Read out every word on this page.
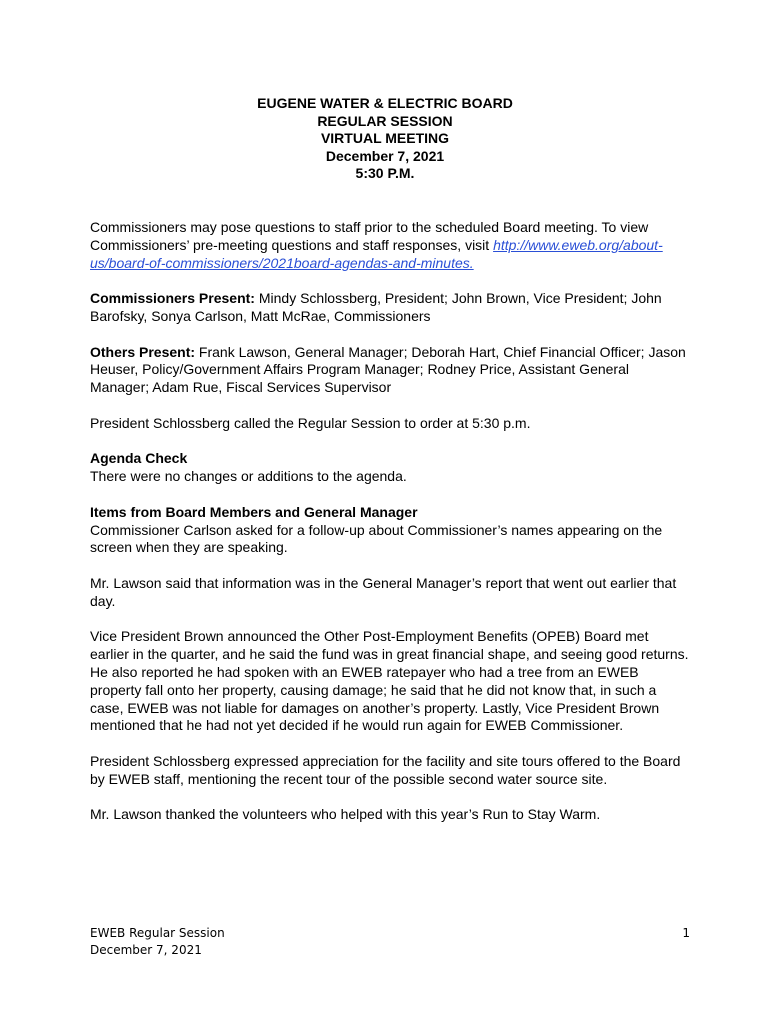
EUGENE WATER & ELECTRIC BOARD
REGULAR SESSION
VIRTUAL MEETING
December 7, 2021
5:30 P.M.

Commissioners may pose questions to staff prior to the scheduled Board meeting. To view Commissioners’ pre-meeting questions and staff responses, visit http://www.eweb.org/about-us/board-of-commissioners/2021board-agendas-and-minutes.

Commissioners Present: Mindy Schlossberg, President; John Brown, Vice President; John Barofsky, Sonya Carlson, Matt McRae, Commissioners

Others Present: Frank Lawson, General Manager; Deborah Hart, Chief Financial Officer; Jason Heuser, Policy/Government Affairs Program Manager; Rodney Price, Assistant General Manager; Adam Rue, Fiscal Services Supervisor

President Schlossberg called the Regular Session to order at 5:30 p.m.

Agenda Check
There were no changes or additions to the agenda.

Items from Board Members and General Manager
Commissioner Carlson asked for a follow-up about Commissioner’s names appearing on the screen when they are speaking.

Mr. Lawson said that information was in the General Manager’s report that went out earlier that day.

Vice President Brown announced the Other Post-Employment Benefits (OPEB) Board met earlier in the quarter, and he said the fund was in great financial shape, and seeing good returns. He also reported he had spoken with an EWEB ratepayer who had a tree from an EWEB property fall onto her property, causing damage; he said that he did not know that, in such a case, EWEB was not liable for damages on another’s property. Lastly, Vice President Brown mentioned that he had not yet decided if he would run again for EWEB Commissioner.

President Schlossberg expressed appreciation for the facility and site tours offered to the Board by EWEB staff, mentioning the recent tour of the possible second water source site.

Mr. Lawson thanked the volunteers who helped with this year’s Run to Stay Warm.

EWEB Regular Session
December 7, 2021
1
